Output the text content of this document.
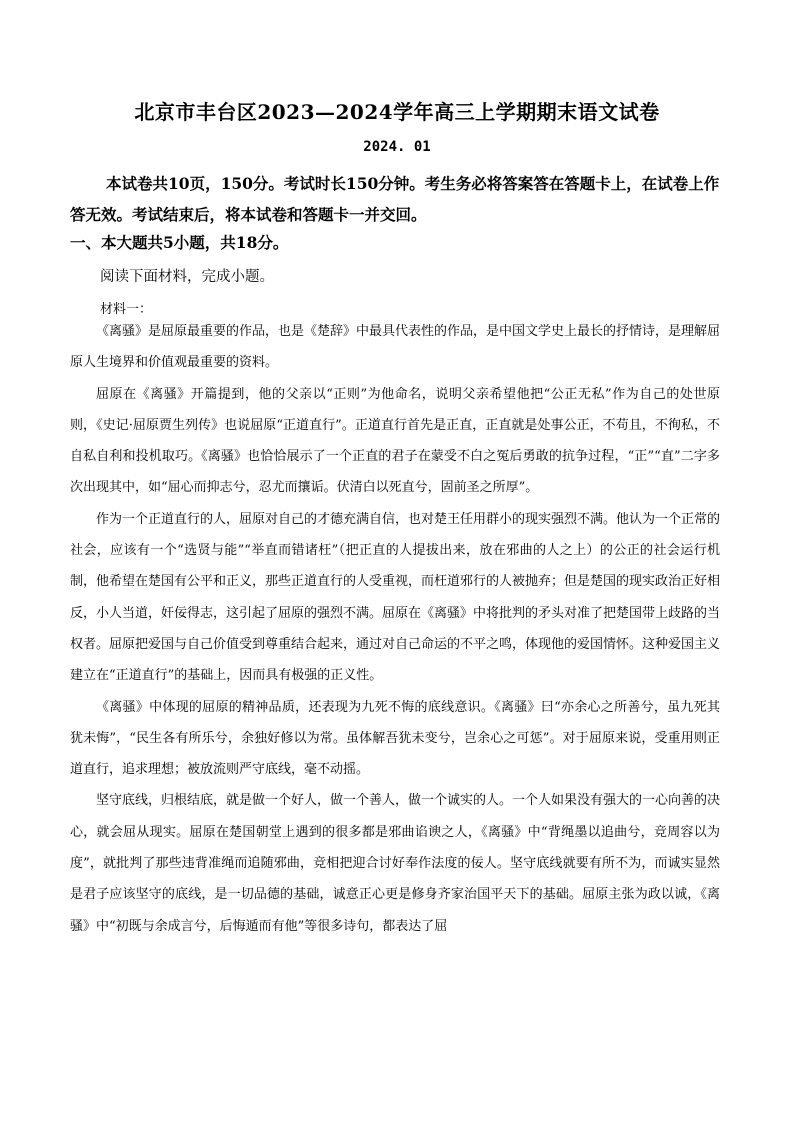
北京市丰台区2023—2024学年高三上学期期末语文试卷
2024. 01
本试卷共10页，150分。考试时长150分钟。考生务必将答案答在答题卡上，在试卷上作答无效。考试结束后，将本试卷和答题卡一并交回。
一、本大题共5小题，共18分。
阅读下面材料，完成小题。
材料一：

《离骚》是屈原最重要的作品，也是《楚辞》中最具代表性的作品，是中国文学史上最长的抒情诗，是理解屈原人生境界和价值观最重要的资料。

屈原在《离骚》开篇提到，他的父亲以“正则”为他命名，说明父亲希望他把“公正无私”作为自己的处世原则，《史记·屈原贾生列传》也说屈原“正道直行”。正道直行首先是正直，正直就是处事公正，不苟且，不徇私，不自私自利和投机取巧。《离骚》也恰恰展示了一个正直的君子在蒙受不白之冤后勇敢的抗争过程，“正”“直”二字多次出现其中，如“屈心而抑志兮，忍尤而攘诟。伏清白以死直兮，固前圣之所厚”。

作为一个正道直行的人，屈原对自己的才德充满自信，也对楚王任用群小的现实强烈不满。他认为一个正常的社会，应该有一个“选贤与能”“举直而错诸枉”（把正直的人提拔出来，放在邪曲的人之上）的公正的社会运行机制，他希望在楚国有公平和正义，那些正道直行的人受重视，而枉道邪行的人被抛弃；但是楚国的现实政治正好相反，小人当道，奸佞得志，这引起了屈原的强烈不满。屈原在《离骚》中将批判的矛头对准了把楚国带上歧路的当权者。屈原把爱国与自己价值受到尊重结合起来，通过对自己命运的不平之鸣，体现他的爱国情怀。这种爱国主义建立在“正道直行”的基础上，因而具有极强的正义性。

《离骚》中体现的屈原的精神品质，还表现为九死不悔的底线意识。《离骚》曰“亦余心之所善兮，虽九死其犹未悔”，“民生各有所乐兮，余独好修以为常。虽体解吾犹未变兮，岂余心之可惩”。对于屈原来说，受重用则正道直行，追求理想；被放流则严守底线，毫不动摇。

坚守底线，归根结底，就是做一个好人，做一个善人，做一个诚实的人。一个人如果没有强大的一心向善的决心，就会屈从现实。屈原在楚国朝堂上遇到的很多都是邪曲谄谀之人，《离骚》中“背绳墨以追曲兮，竞周容以为度”，就批判了那些违背准绳而追随邪曲，竞相把迎合讨好奉作法度的佞人。坚守底线就要有所不为，而诚实显然是君子应该坚守的底线，是一切品德的基础，诚意正心更是修身齐家治国平天下的基础。屈原主张为政以诚，《离骚》中“初既与余成言兮，后悔遁而有他”等很多诗句，都表达了屈
